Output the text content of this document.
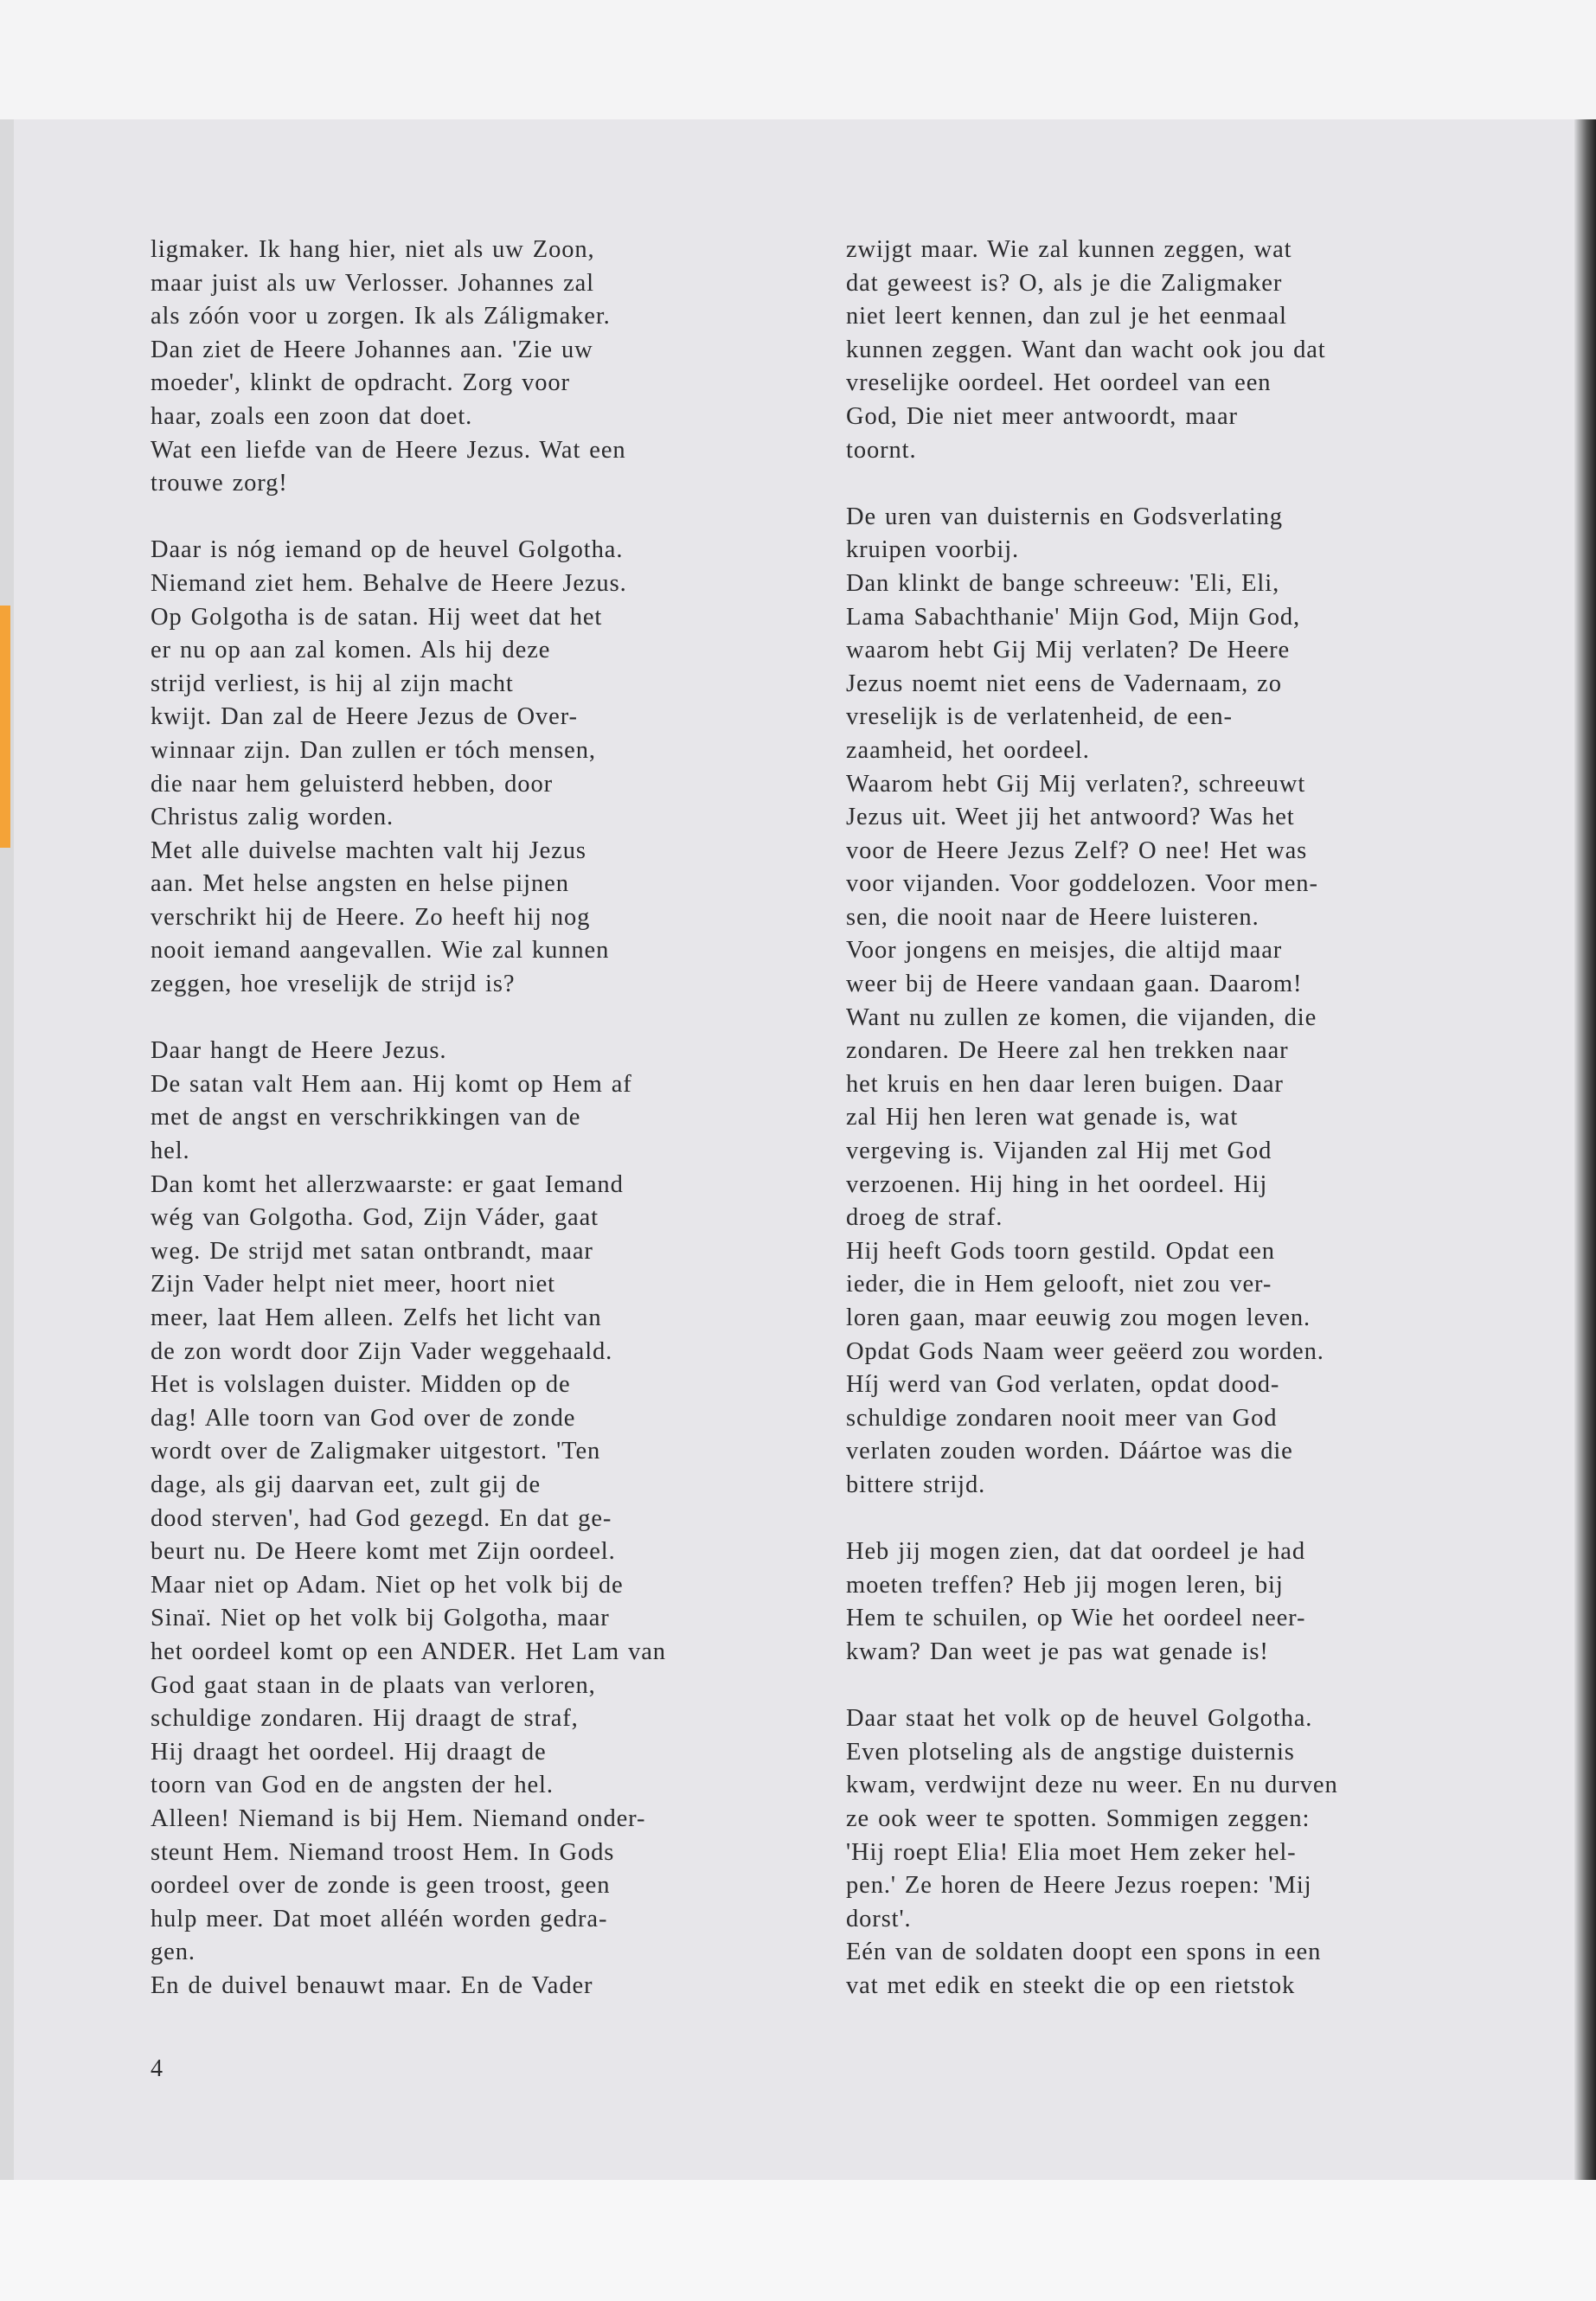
ligmaker. Ik hang hier, niet als uw Zoon,
maar juist als uw Verlosser. Johannes zal
als zóón voor u zorgen. Ik als Záligmaker.
Dan ziet de Heere Johannes aan. 'Zie uw
moeder', klinkt de opdracht. Zorg voor
haar, zoals een zoon dat doet.
Wat een liefde van de Heere Jezus. Wat een
trouwe zorg!
Daar is nóg iemand op de heuvel Golgotha.
Niemand ziet hem. Behalve de Heere Jezus.
Op Golgotha is de satan. Hij weet dat het
er nu op aan zal komen. Als hij deze
strijd verliest, is hij al zijn macht
kwijt. Dan zal de Heere Jezus de Over-
winnaar zijn. Dan zullen er tóch mensen,
die naar hem geluisterd hebben, door
Christus zalig worden.
Met alle duivelse machten valt hij Jezus
aan. Met helse angsten en helse pijnen
verschrikt hij de Heere. Zo heeft hij nog
nooit iemand aangevallen. Wie zal kunnen
zeggen, hoe vreselijk de strijd is?
Daar hangt de Heere Jezus.
De satan valt Hem aan. Hij komt op Hem af
met de angst en verschrikkingen van de
hel.
Dan komt het allerzwaarste: er gaat Iemand
wég van Golgotha. God, Zijn Váder, gaat
weg. De strijd met satan ontbrandt, maar
Zijn Vader helpt niet meer, hoort niet
meer, laat Hem alleen. Zelfs het licht van
de zon wordt door Zijn Vader weggehaald.
Het is volslagen duister. Midden op de
dag! Alle toorn van God over de zonde
wordt over de Zaligmaker uitgestort. 'Ten
dage, als gij daarvan eet, zult gij de
dood sterven', had God gezegd. En dat ge-
beurt nu. De Heere komt met Zijn oordeel.
Maar niet op Adam. Niet op het volk bij de
Sinaï. Niet op het volk bij Golgotha, maar
het oordeel komt op een ANDER. Het Lam van
God gaat staan in de plaats van verloren,
schuldige zondaren. Hij draagt de straf,
Hij draagt het oordeel. Hij draagt de
toorn van God en de angsten der hel.
Alleen! Niemand is bij Hem. Niemand onder-
steunt Hem. Niemand troost Hem. In Gods
oordeel over de zonde is geen troost, geen
hulp meer. Dat moet alléén worden gedra-
gen.
En de duivel benauwt maar. En de Vader
zwijgt maar. Wie zal kunnen zeggen, wat
dat geweest is? O, als je die Zaligmaker
niet leert kennen, dan zul je het eenmaal
kunnen zeggen. Want dan wacht ook jou dat
vreselijke oordeel. Het oordeel van een
God, Die niet meer antwoordt, maar
toornt.
De uren van duisternis en Godsverlating
kruipen voorbij.
Dan klinkt de bange schreeuw: 'Eli, Eli,
Lama Sabachthanie' Mijn God, Mijn God,
waarom hebt Gij Mij verlaten? De Heere
Jezus noemt niet eens de Vadernaam, zo
vreselijk is de verlatenheid, de een-
zaamheid, het oordeel.
Waarom hebt Gij Mij verlaten?, schreeuwt
Jezus uit. Weet jij het antwoord? Was het
voor de Heere Jezus Zelf? O nee! Het was
voor vijanden. Voor goddelozen. Voor men-
sen, die nooit naar de Heere luisteren.
Voor jongens en meisjes, die altijd maar
weer bij de Heere vandaan gaan. Daarom!
Want nu zullen ze komen, die vijanden, die
zondaren. De Heere zal hen trekken naar
het kruis en hen daar leren buigen. Daar
zal Hij hen leren wat genade is, wat
vergeving is. Vijanden zal Hij met God
verzoenen. Hij hing in het oordeel. Hij
droeg de straf.
Hij heeft Gods toorn gestild. Opdat een
ieder, die in Hem gelooft, niet zou ver-
loren gaan, maar eeuwig zou mogen leven.
Opdat Gods Naam weer geëerd zou worden.
Híj werd van God verlaten, opdat dood-
schuldige zondaren nooit meer van God
verlaten zouden worden. Dáártoe was die
bittere strijd.
Heb jij mogen zien, dat dat oordeel je had
moeten treffen? Heb jij mogen leren, bij
Hem te schuilen, op Wie het oordeel neer-
kwam? Dan weet je pas wat genade is!
Daar staat het volk op de heuvel Golgotha.
Even plotseling als de angstige duisternis
kwam, verdwijnt deze nu weer. En nu durven
ze ook weer te spotten. Sommigen zeggen:
'Hij roept Elia! Elia moet Hem zeker hel-
pen.' Ze horen de Heere Jezus roepen: 'Mij
dorst'.
Eén van de soldaten doopt een spons in een
vat met edik en steekt die op een rietstok
4
